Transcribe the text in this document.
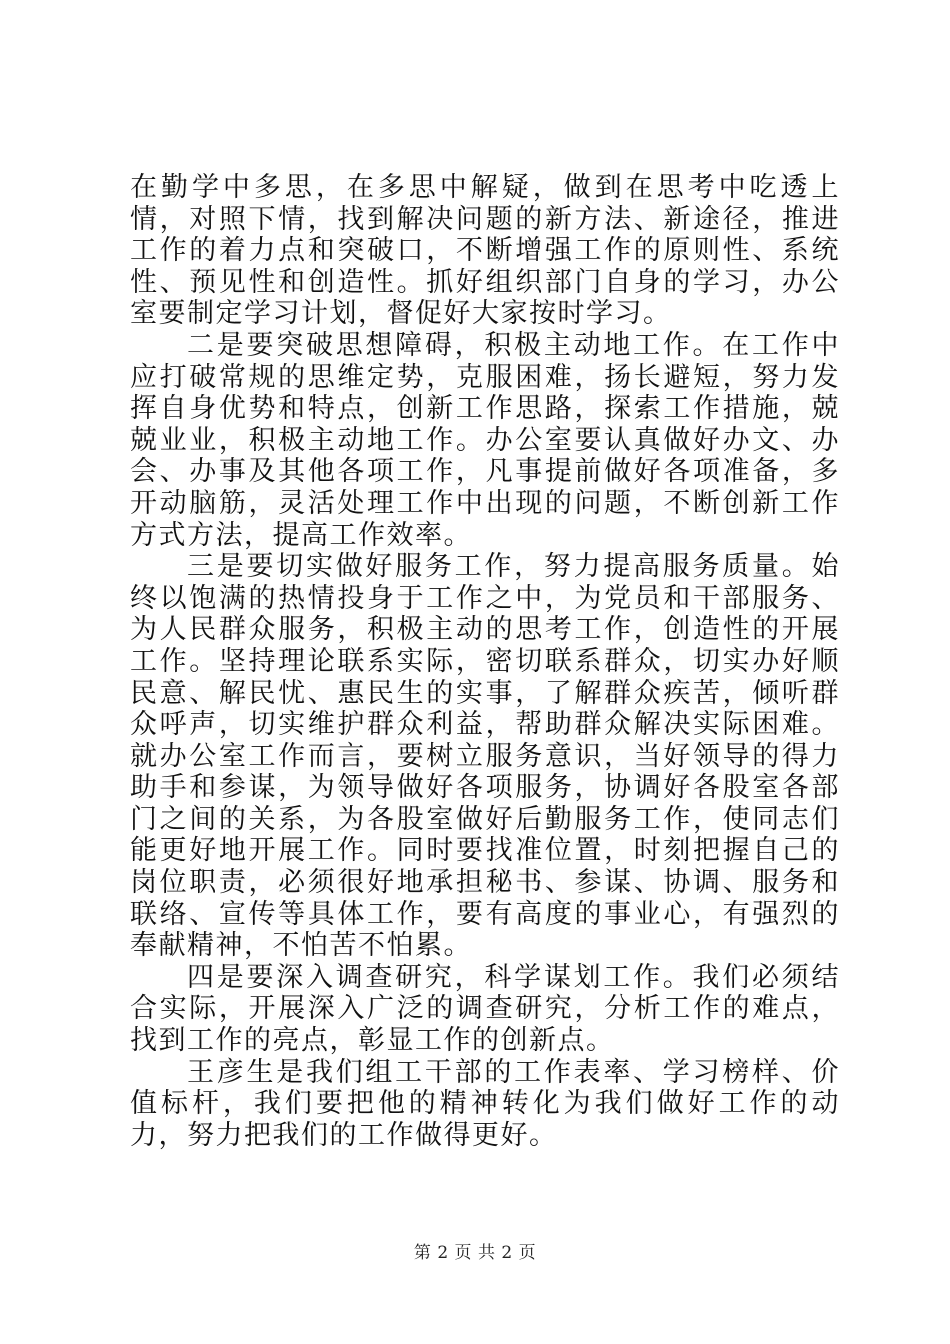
在勤学中多思，在多思中解疑，做到在思考中吃透上情，对照下情，找到解决问题的新方法、新途径，推进工作的着力点和突破口，不断增强工作的原则性、系统性、预见性和创造性。抓好组织部门自身的学习，办公室要制定学习计划，督促好大家按时学习。

二是要突破思想障碍，积极主动地工作。在工作中应打破常规的思维定势，克服困难，扬长避短，努力发挥自身优势和特点，创新工作思路，探索工作措施，兢兢业业，积极主动地工作。办公室要认真做好办文、办会、办事及其他各项工作，凡事提前做好各项准备，多开动脑筋，灵活处理工作中出现的问题，不断创新工作方式方法，提高工作效率。

三是要切实做好服务工作，努力提高服务质量。始终以饱满的热情投身于工作之中，为党员和干部服务、为人民群众服务，积极主动的思考工作，创造性的开展工作。坚持理论联系实际，密切联系群众，切实办好顺民意、解民忧、惠民生的实事，了解群众疾苦，倾听群众呼声，切实维护群众利益，帮助群众解决实际困难。就办公室工作而言，要树立服务意识，当好领导的得力助手和参谋，为领导做好各项服务，协调好各股室各部门之间的关系，为各股室做好后勤服务工作，使同志们能更好地开展工作。同时要找准位置，时刻把握自己的岗位职责，必须很好地承担秘书、参谋、协调、服务和联络、宣传等具体工作，要有高度的事业心，有强烈的奉献精神，不怕苦不怕累。

四是要深入调查研究，科学谋划工作。我们必须结合实际，开展深入广泛的调查研究，分析工作的难点，找到工作的亮点，彰显工作的创新点。

王彦生是我们组工干部的工作表率、学习榜样、价值标杆，我们要把他的精神转化为我们做好工作的动力，努力把我们的工作做得更好。

第 2 页 共 2 页
